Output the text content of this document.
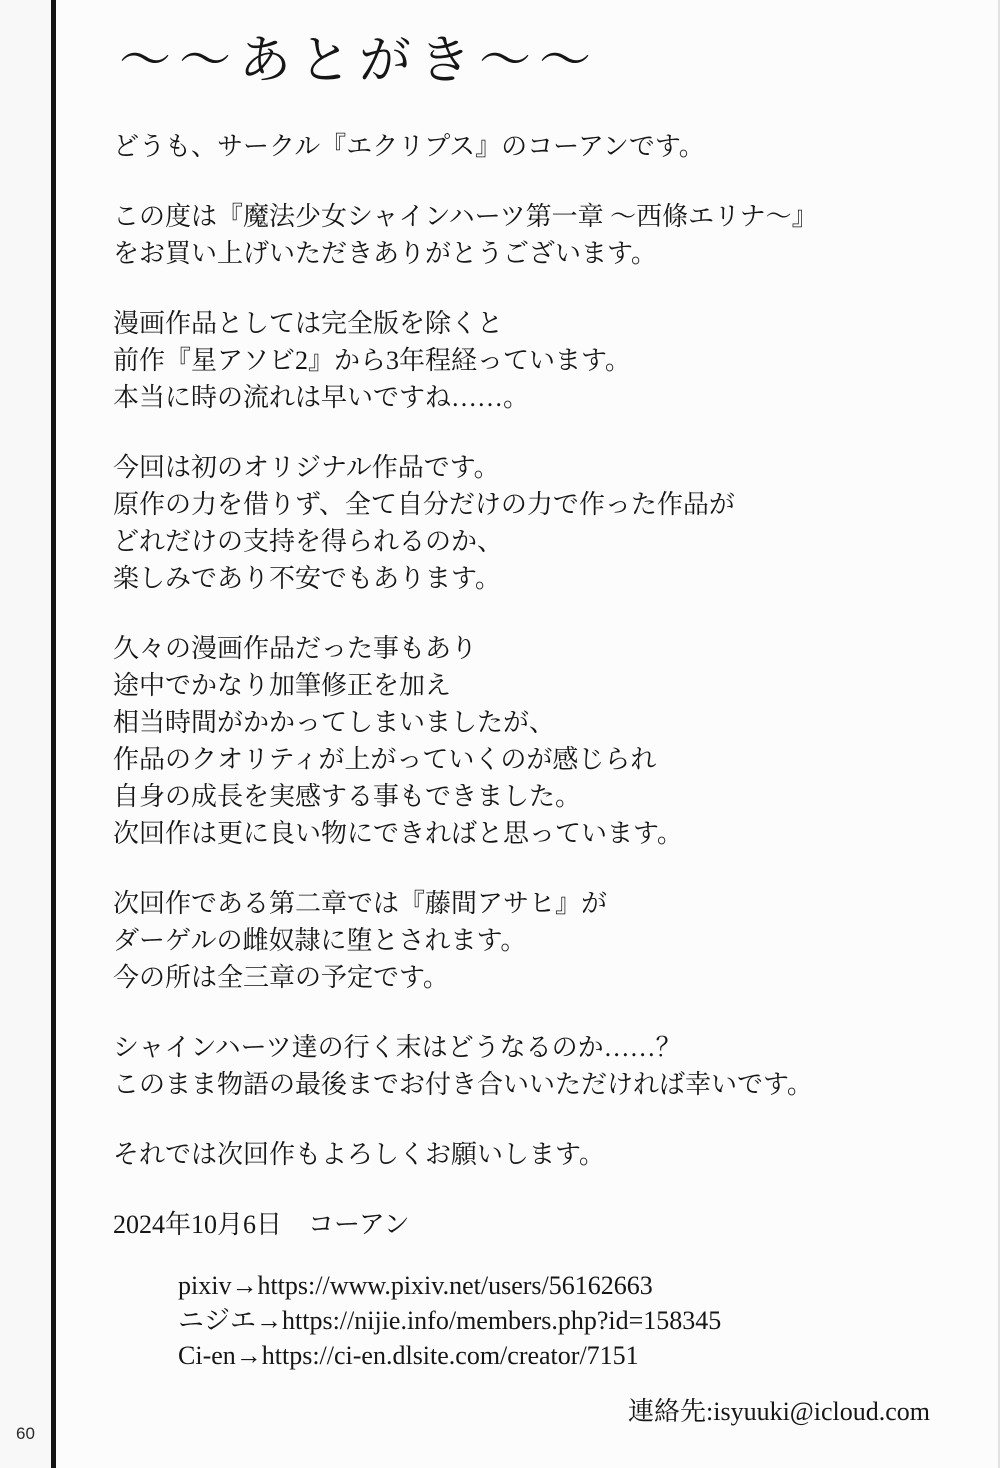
60
〜〜あとがき〜〜

どうも、サークル『エクリプス』のコーアンです。

この度は『魔法少女シャインハーツ第一章 〜西條エリナ〜』
をお買い上げいただきありがとうございます。

漫画作品としては完全版を除くと
前作『星アソビ2』から3年程経っています。
本当に時の流れは早いですね……。

今回は初のオリジナル作品です。
原作の力を借りず、全て自分だけの力で作った作品が
どれだけの支持を得られるのか、
楽しみであり不安でもあります。

久々の漫画作品だった事もあり
途中でかなり加筆修正を加え
相当時間がかかってしまいましたが、
作品のクオリティが上がっていくのが感じられ
自身の成長を実感する事もできました。
次回作は更に良い物にできればと思っています。

次回作である第二章では『藤間アサヒ』が
ダーゲルの雌奴隷に堕とされます。
今の所は全三章の予定です。

シャインハーツ達の行く末はどうなるのか……？
このまま物語の最後までお付き合いいただければ幸いです。

それでは次回作もよろしくお願いします。

2024年10月6日　コーアン
pixiv→https://www.pixiv.net/users/56162663
ニジエ→https://nijie.info/members.php?id=158345
Ci-en→https://ci-en.dlsite.com/creator/7151
連絡先:isyuuki@icloud.com
